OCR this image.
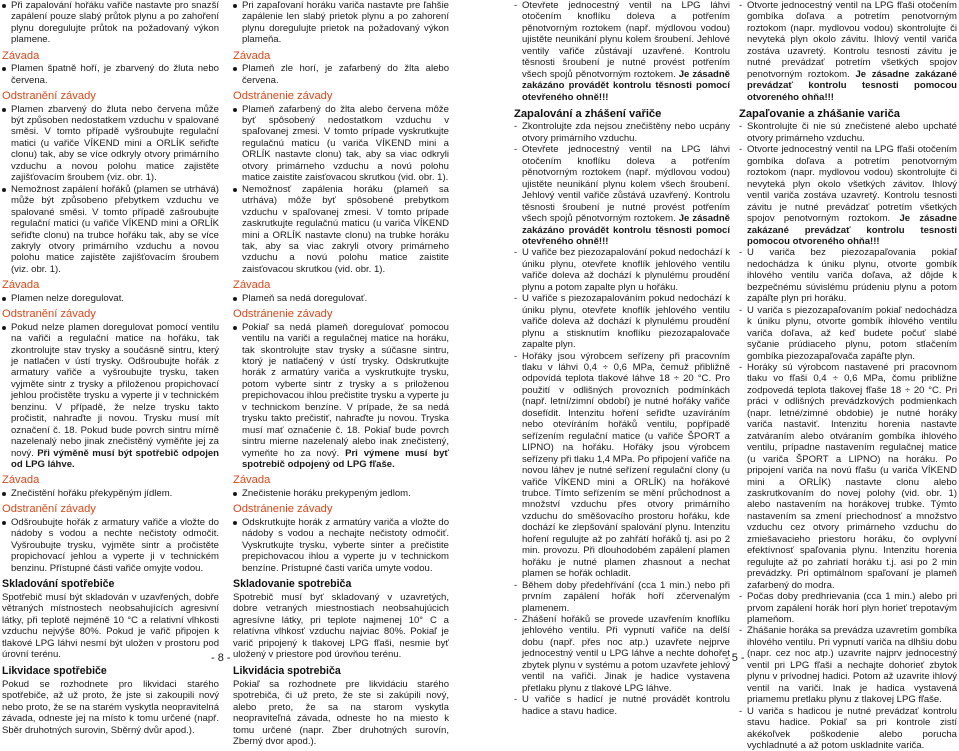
Při zapalování hořáku vařiče nastavte pro snazší zapálení pouze slabý průtok plynu a po zahoření plynu doregulujte průtok na požadovaný výkon plamene.

Závada

Plamen špatně hoří, je zbarvený do žluta nebo červena.

Odstranění závady

Plamen zbarvený do žluta nebo červena může být způsoben nedostatkem vzduchu v spalované směsi. V tomto případě vyšroubujte regulační matici (u vařiče VÍKEND mini a ORLÍK seřiďte clonu) tak, aby se více odkryly otvory primárního vzduchu a novou polohu matice zajistěte zajišťovacím šroubem (viz. obr. 1).

Nemožnost zapálení hořáků (plamen se utrhává) může být způsobeno přebytkem vzduchu ve spalované směsi. V tomto případě zašroubujte regulační matici (u vařiče VÍKEND mini a ORLÍK seřiďte clonu) na trubce hořáku tak, aby se více zakryly otvory primárního vzduchu a novou polohu matice zajistěte zajišťovacím šroubem (viz. obr. 1).

Závada

Plamen nelze doregulovat.

Odstranění závady

Pokud nelze plamen doregulovat pomocí ventilu na vařiči a regulační matice na hořáku, tak zkontrolujte stav trysky a součásně sintru, který je natlačen v ústí trysky. Odšroubujte hořák z armatury vařiče a vyšroubujte trysku, taken vyjměte sintr z trysky a přiloženou propichovací jehlou pročistěte trysku a vyperte ji v technickém benzinu. V případě, že nelze trysku takto pročistit, nahraďte ji novou. Trysku musí mít označení č. 18. Pokud bude povrch sintru mírně nazelenalý nebo jinak znečistěný vyměňte jej za nový. Při výměně musí být spotřebič odpojen od LPG láhve.

Závada

Znečistění hořáku překypěným jídlem.

Odstranění závady

Odšroubujte hořák z armatury vařiče a vložte do nádoby s vodou a nechte nečistoty odmočit. Vyšroubujte trysku, vyjměte sintr a pročistěte propichovací jehlou a vyperte ji v technickém benzinu. Přístupné části vařiče omyjte vodou.

Skladování spotřebiče

Spotřebič musí být skladován v uzavřených, dobře větraných místnostech neobsahujících agresivní látky, při teplotě nejméně 10 °C a relativní vlhkosti vzduchu nejvýše 80%. Pokud je vařič připojen k tlakové LPG láhvi nesmí být uložen v prostoru pod úrovní terénu.

Likvidace spotřebiče

Pokud se rozhodnete pro likvidaci starého spotřebiče, až už proto, že jste si zakoupili nový nebo proto, že se na starém vyskytla neopravitelná závada, odneste jej na místo k tomu určené (např. Sběr druhotných surovin, Sběrný dvůr apod.).

Pri zapaľovaní horáku variča nastavte pre ľahšie zapálenie len slabý prietok plynu a po zahorení plynu doregulujte prietok na požadovaný výkon plameňa.

Závada

Plameň zle horí, je zafarbený do žlta alebo červena.

Odstránenie závady

Plameň zafarbený do žlta alebo červena môže byť spôsobený nedostatkom vzduchu v spaľovanej zmesi. V tomto prípade vyskrutkujte regulačnú maticu (u variča VÍKEND mini a ORLÍK nastavte clonu) tak, aby sa viac odkryli otvory primárneho vzduchu a novú polohu matice zaistite zaisťovacou skrutkou (vid. obr. 1).

Nemožnosť zapálenia horáku (plameň sa utrháva) môže byť spôsobené prebytkom vzduchu v spaľovanej zmesi. V tomto prípade zaskrutkujte regulačnú maticu (u variča VÍKEND mini a ORLÍK nastavte clonu) na trubke horáku tak, aby sa viac zakryli otvory primárneho vzduchu a novú polohu matice zaistite zaisťovacou skrutkou (vid. obr. 1).

Závada

Plameň sa nedá doregulovať.

Odstránenie závady

Pokiaľ sa nedá plameň doregulovať pomocou ventilu na variči a regulačnej matice na horáku, tak skontrolujte stav trysky a súčasne sintru, ktorý je natlačený v ústí trysky. Odskrutkujte horák z armatúry variča a vyskrutkujte trysku, potom vyberte sintr z trysky a s priloženou prepichovacou ihlou prečistite trysku a vyperte ju v technickom benzíne. V prípade, že sa nedá trysku takto prečistiť, nahraďte ju novou. Tryska musí mať označenie č. 18. Pokiaľ bude povrch sintru mierne nazelenalý alebo inak znečistený, vymeňte ho za nový. Pri výmene musí byť spotrebič odpojený od LPG fľaše.

Závada

Znečistenie horáku prekypeným jedlom.

Odstránenie závady

Odskrutkujte horák z armatúry variča a vložte do nádoby s vodou a nechajte nečistoty odmočiť. Vyskrutkujte trysku, vyberte sinter a prečistite prepichovacou ihlou a vyperte ju v technickom benzíne. Prístupné časti variča umyte vodou.

Skladovanie spotrebiča

Spotrebič musí byť skladovaný v uzavretých, dobre vetraných miestnostiach neobsahujúcich agresívne látky, pri teplote najmenej 10° C a relatívna vlhkosť vzduchu najviac 80%. Pokiaľ je varič pripojený k tlakovej LPG fľaši, nesmie byť uložený v priestore pod úrovňou terénu.

Likvidácia spotrebiča

Pokiaľ sa rozhodnete pre likvidáciu starého spotrebiča, či už preto, že ste si zakúpili nový, alebo preto, že sa na starom vyskytla neopraviteľná závada, odneste ho na miesto k tomu určené (napr. Zber druhotných surovín, Zberný dvor apod.).

- 8 -

- Otevřete jednocestný ventil na LPG láhvi otočením knoflíku doleva a potřením pěnotvorným roztokem (např. mýdlovou vodou) ujistěte neunikání plynu kolem šroubení. Jehlové ventily vařiče zůstávají uzavřené. Kontrolu těsnosti šroubení je nutné provést potřením všech spojů pěnotvorným roztokem. Je zásadně zakázáno provádět kontrolu těsnosti pomocí otevřeného ohně!!!

Zapalování a zhášení vařiče

- Zkontrolujte zda nejsou znečištěny nebo ucpány otvory primárního vzduchu.

- Otevřete jednocestný ventil na LPG láhvi otočením knoflíku doleva a potřením pěnotvorným roztokem (např. mýdlovou vodou) ujistěte neunikání plynu kolem všech šroubení. Jehlový ventil vařiče zůstává uzavřený. Kontrolu těsnosti šroubení je nutné provést potřením všech spojů pěnotvorným roztokem. Je zásadně zakázáno provádět kontrolu těsnosti pomocí otevřeného ohně!!!

- U vařiče bez piezozapalování pokud nedochází k úniku plynu, otevřete knoflík jehlového ventilu vařiče doleva až dochází k plynulému proudění plynu a potom zapalte plyn u hořáku.

- U vařiče s piezozapalováním pokud nedochází k úniku plynu, otevřete knoflík jehlového ventilu vařiče doleva až dochází k plynulému proudění plynu a stisknutím knoflíku piezozapalovače zapalte plyn.

- Hořáky jsou výrobcem seřízeny při pracovním tlaku v láhvi 0,4 ÷ 0,6 MPa, čemuž přibližně odpovídá teplota tlakové láhve 18 ÷ 20 °C. Pro použití v odlišných provozních podmínkách (např. letní/zimní období) je nutné hořáky vařiče dosefídit. Intenzitu hoření seřiďte uzavíráním nebo otevíráním hořáků ventilu, popřípadě seřízením regulační matice (u vařiče ŠPORT a LIPNO) na hořáku. Hořáky jsou výrobcem seřízeny při tlaku 1,4 MPa. Po připojení vařiče na novou láhev je nutné seřízení regulační clony (u vařiče VÍKEND mini a ORLÍK) na hořákové trubce. Tímto seřízením se mění průchodnost a množství vzduchu přes otvory primárního vzduchu do směšovacího prostoru hořáku, kde dochází ke zlepšování spalování plynu. Intenzitu hoření regulujte až po zahřátí hořáků tj. asi po 2 min. provozu. Při dlouhodobém zapálení plamen hořáku je nutné plamen zhasnout a nechat plamen se hořák ochladit.

- Během doby předehřívání (cca 1 min.) nebo při prvním zapálení hořák hoří zčervenalým plamenem.

- Zhášení hořáků se provede uzavřením knoflíku jehlového ventilu. Při vypnutí vařiče na delší dobu (např. přes noc atp.) uzavřete nejprve jednocestný ventil u LPG láhve a nechte dohořet zbytek plynu v systému a potom uzavřete jehlový ventil na vařiči. Jinak je hadice vystavena přetlaku plynu z tlakové LPG láhve.

- U vařiče s hadicí je nutné provádět kontrolu hadice a stavu hadice.

- Otvorte jednocestný ventil na LPG fľaši otočením gombíka doľava a potretím penotvorným roztokom (napr. mydlovou vodou) skontrolujte či nevyteká plyn okolo závitu. Ihlový ventil variča zostáva uzavretý. Kontrolu tesnosti závitu je nutné prevádzať potretím všetkých spojov penotvorným roztokom. Je zásadne zakázané prevádzať kontrolu tesnosti pomocou otvoreného ohňa!!!

Zapaľovanie a zhášanie variča

- Skontrolujte či nie sú znečistené alebo upchaté otvory primárneho vzduchu.

- Otvorte jednocestný ventil na LPG fľaši otočením gombíka doľava a potretím penotvorným roztokom (napr. mydlovou vodou) skontrolujte či nevyteká plyn okolo všetkých závitov. Ihlový ventil variča zostáva uzavretý. Kontrolu tesnosti závitu je nutné prevádzať potretím všetkých spojov penotvorným roztokom. Je zásadne zakázané prevádzať kontrolu tesnosti pomocou otvoreného ohňa!!!

- U variča bez piezozapaľovania pokiaľ nedochádza k úniku plynu, otvorte gombík ihlového ventilu variča doľava, až dôjde k bezpečnému súvislému prúdeniu plynu a potom zapáľte plyn pri horáku.

- U variča s piezozapaľovaním pokiaľ nedochádza k úniku plynu, otvorte gombík ihlového ventilu variča doľava, až keď budete počuť slabé syčanie prúdiaceho plynu, potom stlačením gombíka piezozapaľovača zapáľte plyn.

- Horáky sú výrobcom nastavené pri pracovnom tlaku vo fľaši 0,4 ÷ 0,6 MPa, čomu približne zodpovedá teplota tlakovej fľaše 18 ÷ 20 °C. Pri práci v odlišných prevádzkových podmienkach (napr. letné/zimné obdobie) je nutné horáky variča nastaviť. Intenzitu horenia nastavte zatváraním alebo otváraním gombíka ihlového ventilu, prípadne nastavením regulačnej matice (u variča ŠPORT a LIPNO) na horáku. Po pripojení variča na novú fľašu (u variča VÍKEND mini a ORLÍK) nastavte clonu alebo zaskrutkovaním do novej polohy (vid. obr. 1) alebo nastavením na horákovej trubke. Týmto nastavením sa zmení priechodnosť a množstvo vzduchu cez otvory primárneho vzduchu do zmiešavacieho priestoru horáku, čo ovplyvní efektívnosť spaľovania plynu. Intenzitu horenia regulujte až po zahriatí horáku t.j. asi po 2 min prevádzky. Pri optimálnom spaľovaní je plameň zafarbený do modra.

- Počas doby predhrievania (cca 1 min.) alebo pri prvom zapálení horák horí plyn horieť trepotavým plameňom.

- Zhášanie horáka sa prevádza uzavretím gombíka ihlového ventilu. Pri vypnutí variča na dlhšiu dobu (napr. cez noc atp.) uzavrite najprv jednocestný ventil pri LPG fľaši a nechajte dohorieť zbytok plynu v prívodnej hadici. Potom až uzavrite ihlový ventil na variči. Inak je hadica vystavená priamemu pretlaku plynu z tlakovej LPG fľaše.

- U variča s hadicou je nutné prevádzať kontrolu stavu hadice. Pokiaľ sa pri kontrole zistí akékoľvek poškodenie alebo porucha vychladnuté a až potom uskladnite variča.

- 5 -
